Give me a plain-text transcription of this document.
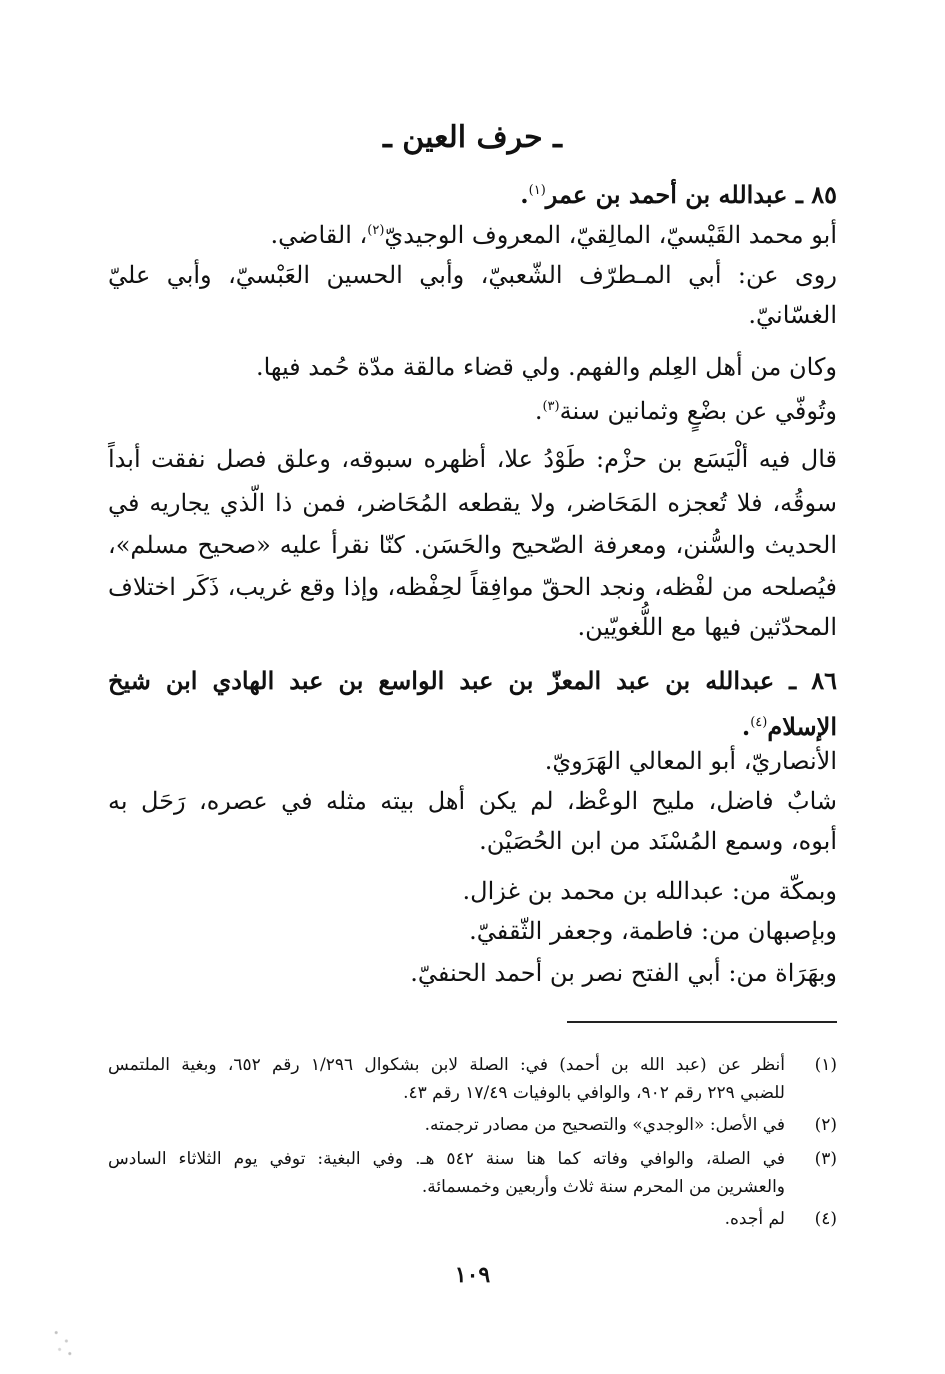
ـ حرف العين ـ
٨٥ ـ عبدالله بن أحمد بن عمر$^{(١)}$.
أبو محمد القَيْسيّ، المالِقيّ، المعروف الوجيديّ$^{(٢)}$، القاضي.
روى عن: أبي المـطرّف الشّعبيّ، وأبي الحسين العَبْسيّ، وأبي عليّ
الغسّانيّ.
وكان من أهل العِلم والفهم. ولي قضاء مالقة مدّة حُمد فيها.
وتُوفّي عن بضْعٍ وثمانين سنة$^{(٣)}$.
قال فيه ألْيَسَع بن حزْم: طَوْدُ علا، أظهره سبوقه، وعلق فصل نفقت أبداً
سوقُه، فلا تُعجزه المَحَاضر، ولا يقطعه المُحَاضر، فمن ذا الّذي يجاريه في
الحديث والسُّنن، ومعرفة الصّحيح والحَسَن. كنّا نقرأ عليه «صحيح مسلم»،
فيُصلحه من لفْظه، ونجد الحقّ موافِقاً لحِفْظه، وإذا وقع غريب، ذَكَر اختلاف
المحدّثين فيها مع اللُّغويّين.
٨٦ ـ عبدالله بن عبد المعزّ بن عبد الواسع بن عبد الهادي ابن شيخ
الإسلام$^{(٤)}$.
الأنصاريّ، أبو المعالي الهَرَويّ.
شابٌ فاضل، مليح الوعْظ، لم يكن أهل بيته مثله في عصره، رَحَل به
أبوه، وسمع المُسْنَد من ابن الحُصَيْن.
وبمكّة من: عبدالله بن محمد بن غزال.
وبإصبهان من: فاطمة، وجعفر الثّقفيّ.
وبهَرَاة من: أبي الفتح نصر بن أحمد الحنفيّ.
(١)
أنظر عن (عبد الله بن أحمد) في: الصلة لابن بشكوال ١/٢٩٦ رقم ٦٥٢، وبغية الملتمس
للضبي ٢٢٩ رقم ٩٠٢، والوافي بالوفيات ١٧/٤٩ رقم ٤٣.
(٢)
في الأصل: «الوجدي» والتصحيح من مصادر ترجمته.
(٣)
في الصلة، والوافي وفاته كما هنا سنة ٥٤٢ هـ. وفي البغية: توفي يوم الثلاثاء السادس
والعشرين من المحرم سنة ثلاث وأربعين وخمسمائة.
(٤)
لم أجده.
١٠٩
